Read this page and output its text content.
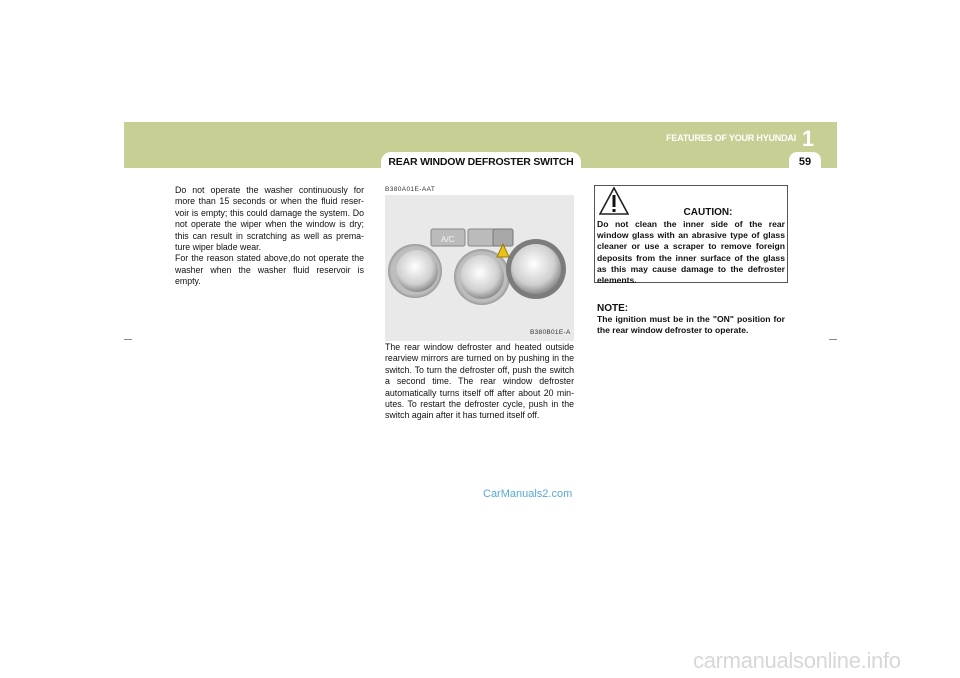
REAR WINDOW DEFROSTER SWITCH
FEATURES OF YOUR HYUNDAI 1
59
Do not operate the washer continuously for more than 15 seconds or when the fluid reser-voir is empty; this could damage the system. Do not operate the wiper when the window is dry; this can result in scratching as well as prema-ture wiper blade wear.
For the reason stated above,do not operate the washer when the washer fluid reservoir is empty.
B380A01E-AAT
A/C
B380B01E-A
The rear window defroster and heated outside rearview mirrors are turned on by pushing in the switch. To turn the defroster off, push the switch a second time. The rear window defroster automatically turns itself off after about 20 min-utes. To restart the defroster cycle, push in the switch again after it has turned itself off.
CAUTION:
Do not clean the inner side of the rear window glass with an abrasive type of glass cleaner or use a scraper to remove foreign deposits from the inner surface of the glass as this may cause damage to the defroster elements.
NOTE:
The ignition must be in the "ON" position for the rear window defroster to operate.
CarManuals2.com
carmanualsonline.info
